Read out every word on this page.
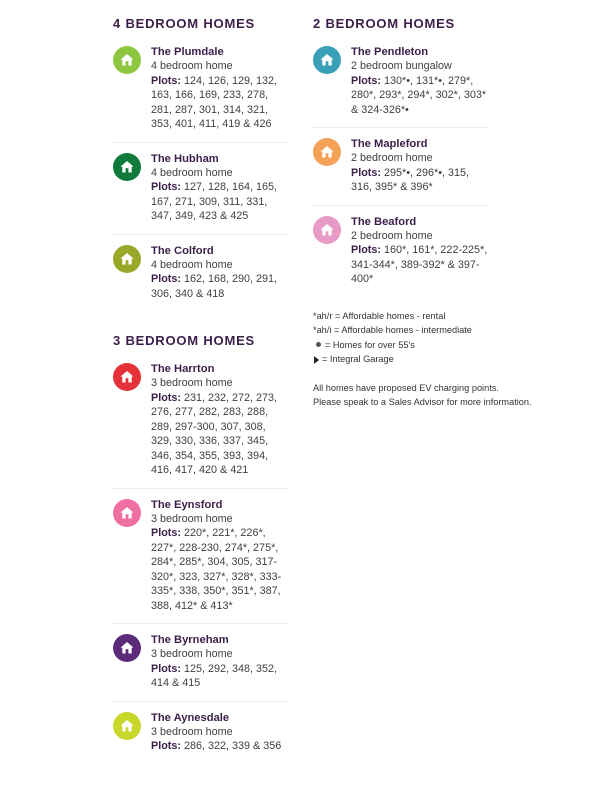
4 BEDROOM HOMES
The Plumdale
4 bedroom home
Plots: 124, 126, 129, 132, 163, 166, 169, 233, 278, 281, 287, 301, 314, 321, 353, 401, 411, 419 & 426
The Hubham
4 bedroom home
Plots: 127, 128, 164, 165, 167, 271, 309, 311, 331, 347, 349, 423 & 425
The Colford
4 bedroom home
Plots: 162, 168, 290, 291, 306, 340 & 418
3 BEDROOM HOMES
The Harrton
3 bedroom home
Plots: 231, 232, 272, 273, 276, 277, 282, 283, 288, 289, 297-300, 307, 308, 329, 330, 336, 337, 345, 346, 354, 355, 393, 394, 416, 417, 420 & 421
The Eynsford
3 bedroom home
Plots: 220*, 221*, 226*, 227*, 228-230, 274*, 275*, 284*, 285*, 304, 305, 317-320*, 323, 327*, 328*, 333-335*, 338, 350*, 351*, 387, 388, 412* & 413*
The Byrneham
3 bedroom home
Plots: 125, 292, 348, 352, 414 & 415
The Aynesdale
3 bedroom home
Plots: 286, 322, 339 & 356
2 BEDROOM HOMES
The Pendleton
2 bedroom bungalow
Plots: 130*•, 131*•, 279*, 280*, 293*, 294*, 302*, 303* & 324-326*•
The Mapleford
2 bedroom home
Plots: 295*•, 296*•, 315, 316, 395* & 396*
The Beaford
2 bedroom home
Plots: 160*, 161*, 222-225*, 341-344*, 389-392* & 397-400*
*ah/r = Affordable homes - rental
*ah/i = Affordable homes - intermediate
= Homes for over 55's
= Integral Garage
All homes have proposed EV charging points.
Please speak to a Sales Advisor for more information.
